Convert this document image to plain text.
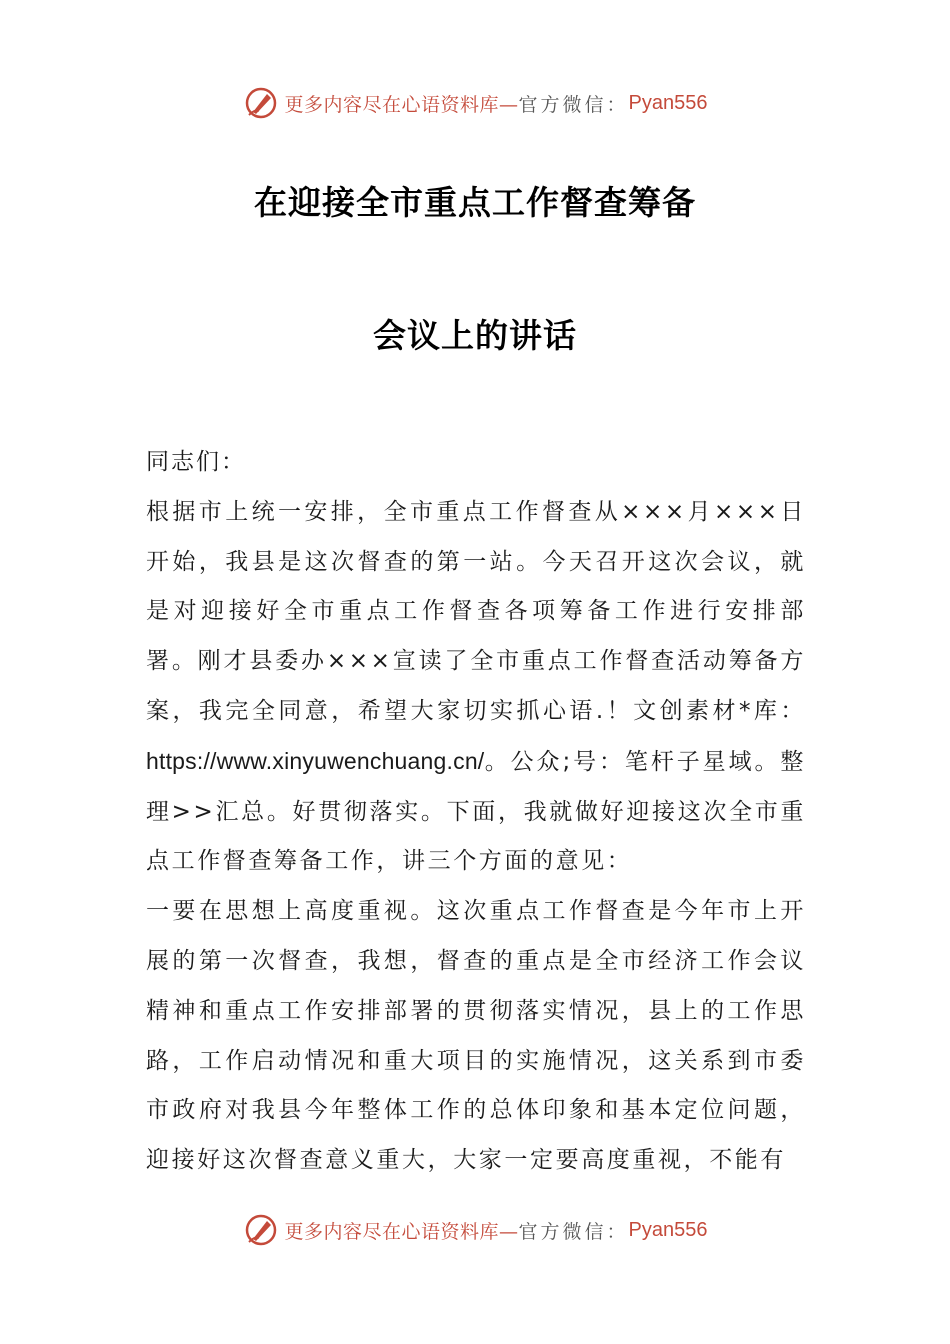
更多内容尽在心语资料库— 官方微信： Pyan556
在迎接全市重点工作督查筹备
会议上的讲话

同志们：

根据市上统一安排，全市重点工作督查从×××月×××日开始，我县是这次督查的第一站。今天召开这次会议，就是对迎接好全市重点工作督查各项筹备工作进行安排部署。刚才县委办×××宣读了全市重点工作督查活动筹备方案，我完全同意，希望大家切实抓心语.！文创素材*库：https://www.xinyuwenchuang.cn/。公众;号：笔杆子星域。整理>>汇总。好贯彻落实。下面，我就做好迎接这次全市重点工作督查筹备工作，讲三个方面的意见：

一要在思想上高度重视。这次重点工作督查是今年市上开展的第一次督查，我想，督查的重点是全市经济工作会议精神和重点工作安排部署的贯彻落实情况，县上的工作思路，工作启动情况和重大项目的实施情况，这关系到市委市政府对我县今年整体工作的总体印象和基本定位问题，迎接好这次督查意义重大，大家一定要高度重视，不能有

更多内容尽在心语资料库— 官方微信： Pyan556
